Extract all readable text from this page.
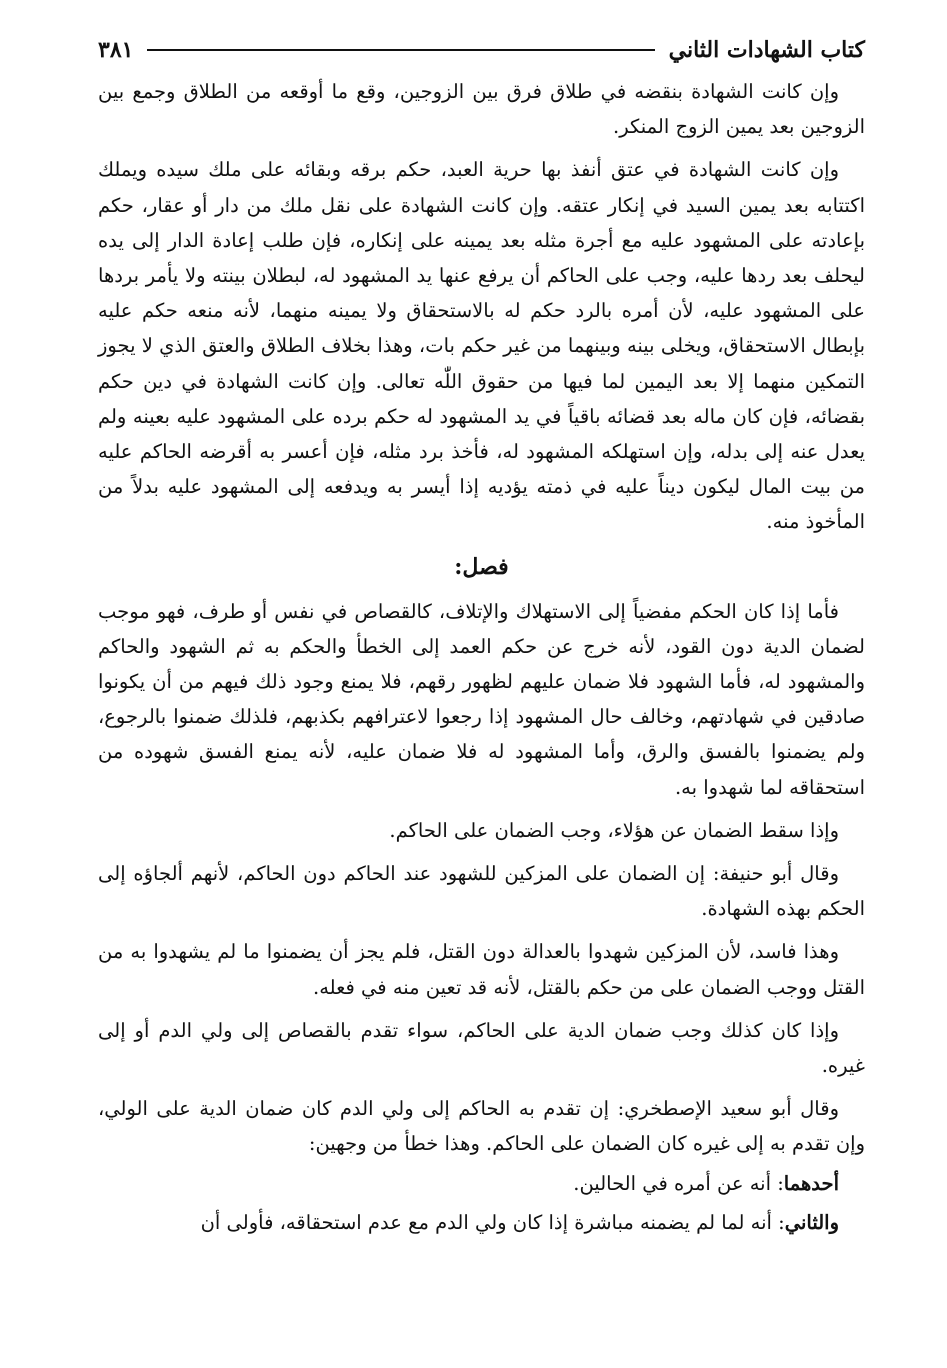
كتاب الشهادات الثاني
٣٨١

وإن كانت الشهادة بنقضه في طلاق فرق بين الزوجين، وقع ما أوقعه من الطلاق وجمع بين الزوجين بعد يمين الزوج المنكر.

وإن كانت الشهادة في عتق أنفذ بها حرية العبد، حكم برقه وبقائه على ملك سيده ويملك اكتتابه بعد يمين السيد في إنكار عتقه. وإن كانت الشهادة على نقل ملك من دار أو عقار، حكم بإعادته على المشهود عليه مع أجرة مثله بعد يمينه على إنكاره، فإن طلب إعادة الدار إلى يده ليحلف بعد ردها عليه، وجب على الحاكم أن يرفع عنها يد المشهود له، لبطلان بينته ولا يأمر بردها على المشهود عليه، لأن أمره بالرد حكم له بالاستحقاق ولا يمينه منهما، لأنه منعه حكم عليه بإبطال الاستحقاق، ويخلى بينه وبينهما من غير حكم بات، وهذا بخلاف الطلاق والعتق الذي لا يجوز التمكين منهما إلا بعد اليمين لما فيها من حقوق اللّٰه تعالى. وإن كانت الشهادة في دين حكم بقضائه، فإن كان ماله بعد قضائه باقياً في يد المشهود له حكم برده على المشهود عليه بعينه ولم يعدل عنه إلى بدله، وإن استهلكه المشهود له، فأخذ برد مثله، فإن أعسر به أقرضه الحاكم عليه من بيت المال ليكون ديناً عليه في ذمته يؤديه إذا أيسر به ويدفعه إلى المشهود عليه بدلاً من المأخوذ منه.

فصل:

فأما إذا كان الحكم مفضياً إلى الاستهلاك والإتلاف، كالقصاص في نفس أو طرف، فهو موجب لضمان الدية دون القود، لأنه خرج عن حكم العمد إلى الخطأ والحكم به ثم الشهود والحاكم والمشهود له، فأما الشهود فلا ضمان عليهم لظهور رقهم، فلا يمنع وجود ذلك فيهم من أن يكونوا صادقين في شهادتهم، وخالف حال المشهود إذا رجعوا لاعترافهم بكذبهم، فلذلك ضمنوا بالرجوع، ولم يضمنوا بالفسق والرق، وأما المشهود له فلا ضمان عليه، لأنه يمنع الفسق شهوده من استحقاقه لما شهدوا به.

وإذا سقط الضمان عن هؤلاء، وجب الضمان على الحاكم.

وقال أبو حنيفة: إن الضمان على المزكين للشهود عند الحاكم دون الحاكم، لأنهم ألجاؤه إلى الحكم بهذه الشهادة.

وهذا فاسد، لأن المزكين شهدوا بالعدالة دون القتل، فلم يجز أن يضمنوا ما لم يشهدوا به من القتل ووجب الضمان على من حكم بالقتل، لأنه قد تعين منه في فعله.

وإذا كان كذلك وجب ضمان الدية على الحاكم، سواء تقدم بالقصاص إلى ولي الدم أو إلى غيره.

وقال أبو سعيد الإصطخري: إن تقدم به الحاكم إلى ولي الدم كان ضمان الدية على الولي، وإن تقدم به إلى غيره كان الضمان على الحاكم. وهذا خطأ من وجهين:

أحدهما: أنه عن أمره في الحالين.

والثاني: أنه لما لم يضمنه مباشرة إذا كان ولي الدم مع عدم استحقاقه، فأولى أن
